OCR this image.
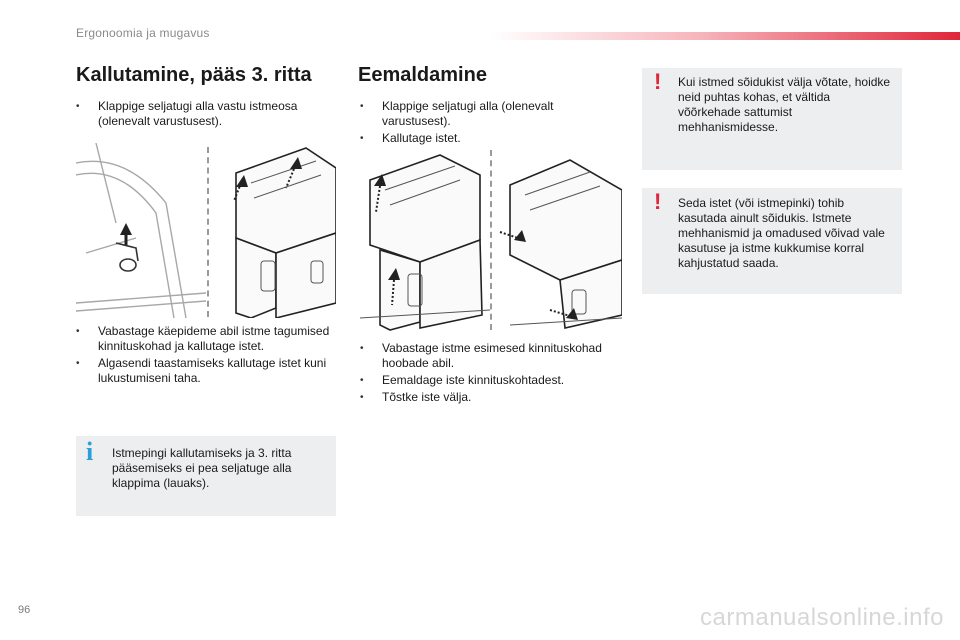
Ergonoomia ja mugavus
Kallutamine, pääs 3. ritta
• Klappige seljatugi alla vastu istmeosa (olenevalt varustusest).
• Vabastage käepideme abil istme tagumised kinnituskohad ja kallutage istet.
• Algasendi taastamiseks kallutage istet kuni lukustumiseni taha.
i Istmepingi kallutamiseks ja 3. ritta pääsemiseks ei pea seljatuge alla klappima (lauaks).
Eemaldamine
• Klappige seljatugi alla (olenevalt varustusest).
• Kallutage istet.
• Vabastage istme esimesed kinnituskohad hoobade abil.
• Eemaldage iste kinnituskohtadest.
• Tõstke iste välja.
! Kui istmed sõidukist välja võtate, hoidke neid puhtas kohas, et vältida võõrkehade sattumist mehhanismidesse.
! Seda istet (või istmepinki) tohib kasutada ainult sõidukis. Istmete mehhanismid ja omadused võivad vale kasutuse ja istme kukkumise korral kahjustatud saada.
96	carmanualsonline.info
